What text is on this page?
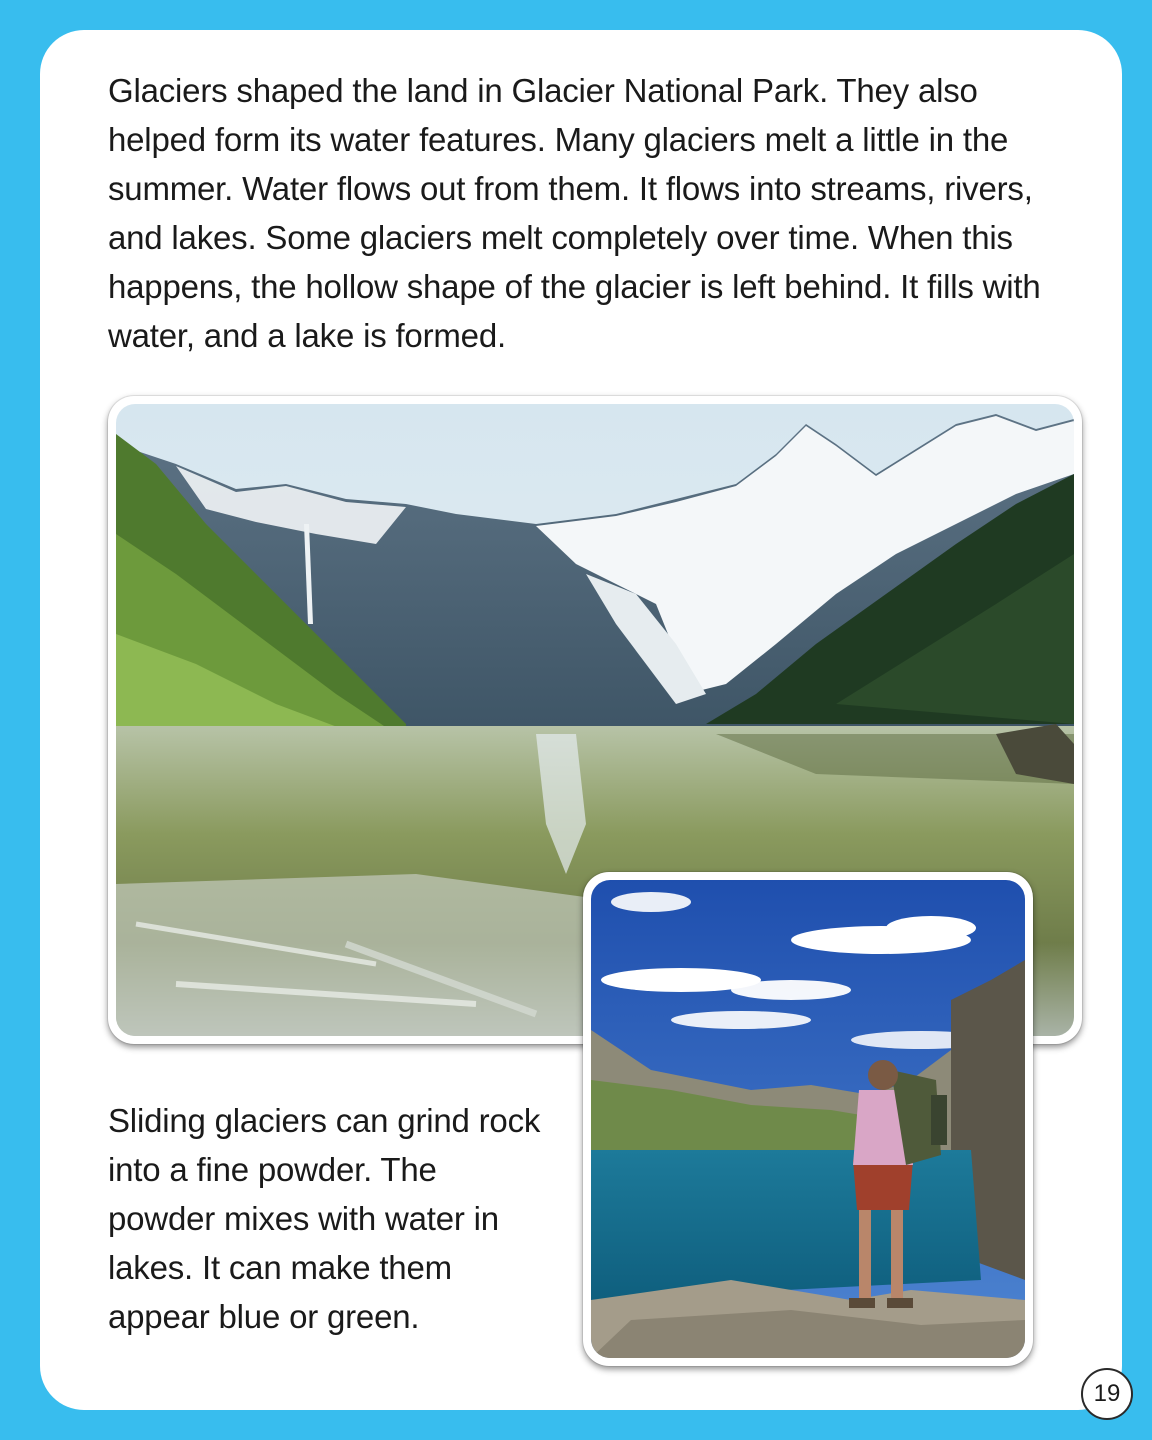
Glaciers shaped the land in Glacier National Park. They also helped form its water features. Many glaciers melt a little in the summer. Water flows out from them. It flows into streams, rivers, and lakes. Some glaciers melt completely over time. When this happens, the hollow shape of the glacier is left behind. It fills with water, and a lake is formed.

Sliding glaciers can grind rock into a fine powder. The powder mixes with water in lakes. It can make them appear blue or green.

19
